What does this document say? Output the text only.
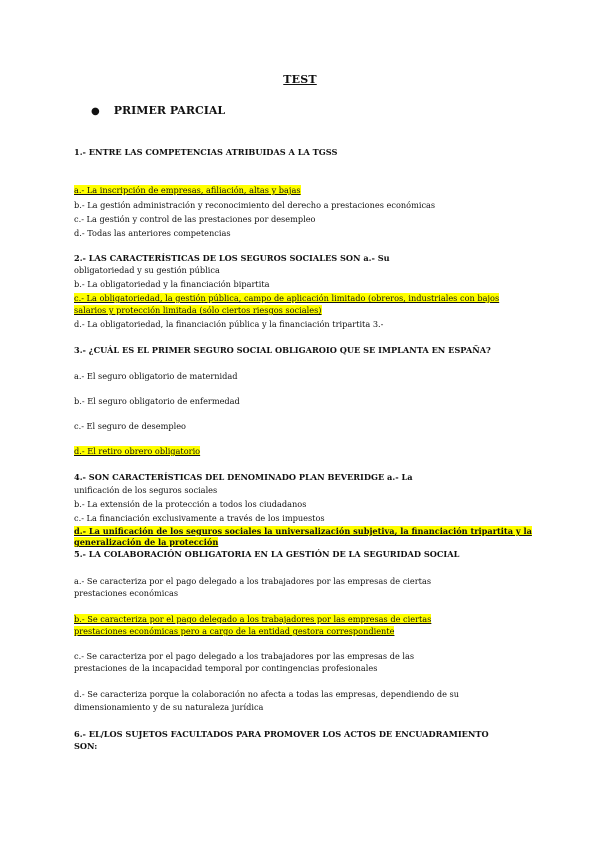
TEST
● PRIMER PARCIAL
1.- ENTRE LAS COMPETENCIAS ATRIBUIDAS A LA TGSS
a.- La inscripción de empresas, afiliación, altas y bajas
b.- La gestión administración y reconocimiento del derecho a prestaciones económicas
c.- La gestión y control de las prestaciones por desempleo
d.- Todas las anteriores competencias
2.- LAS CARACTERÍSTICAS DE LOS SEGUROS SOCIALES SON a.- Su
obligatoriedad y su gestión pública
b.- La obligatoriedad y la financiación bipartita
c.- La obligatoriedad, la gestión pública, campo de aplicación limitado (obreros, industriales con bajos
salarios y protección limitada (sólo ciertos riesgos sociales)
d.- La obligatoriedad, la financiación pública y la financiación tripartita 3.-
3.- ¿CUÁL ES EL PRIMER SEGURO SOCIAL OBLIGAROIO QUE SE IMPLANTA EN ESPAÑA?
a.- El seguro obligatorio de maternidad
b.- El seguro obligatorio de enfermedad
c.- El seguro de desempleo
d.- El retiro obrero obligatorio
4.- SON CARACTERÍSTICAS DEL DENOMINADO PLAN BEVERIDGE a.- La
unificación de los seguros sociales
b.- La extensión de la protección a todos los ciudadanos
c.- La financiación exclusivamente a través de los impuestos
d.- La unificación de los seguros sociales la universalización subjetiva, la financiación tripartita y la
generalización de la protección
5.- LA COLABORACIÓN OBLIGATORIA EN LA GESTIÓN DE LA SEGURIDAD SOCIAL
a.- Se caracteriza por el pago delegado a los trabajadores por las empresas de ciertas
prestaciones económicas
b.- Se caracteriza por el pago delegado a los trabajadores por las empresas de ciertas
prestaciones económicas pero a cargo de la entidad gestora correspondiente
c.- Se caracteriza por el pago delegado a los trabajadores por las empresas de las
prestaciones de la incapacidad temporal por contingencias profesionales
d.- Se caracteriza porque la colaboración no afecta a todas las empresas, dependiendo de su
dimensionamiento y de su naturaleza jurídica
6.- EL/LOS SUJETOS FACULTADOS PARA PROMOVER LOS ACTOS DE ENCUADRAMIENTO
SON:
